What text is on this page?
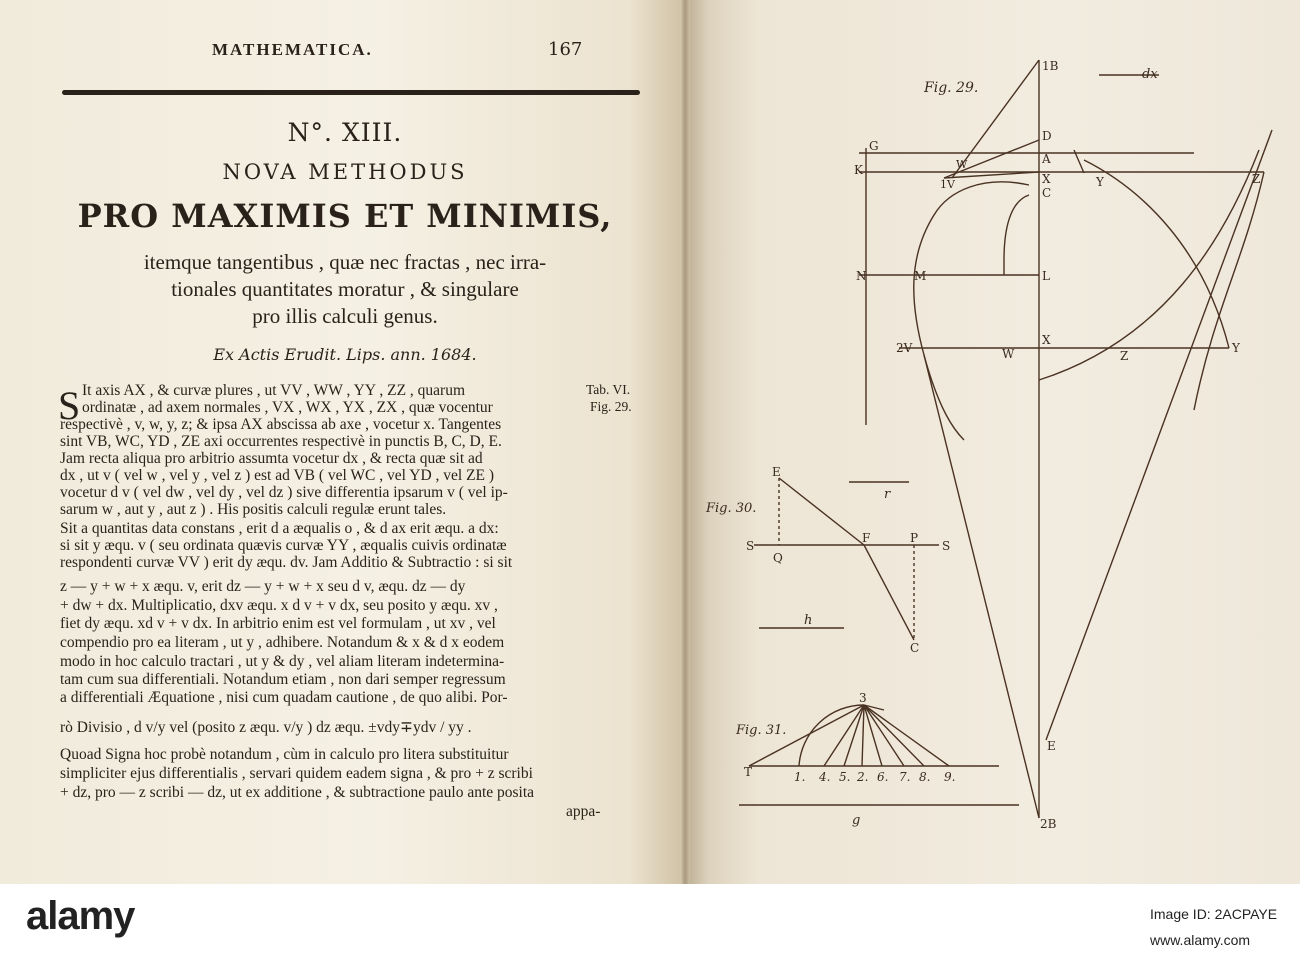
MATHEMATICA.	167
N°. XIII.
NOVA METHODUS
PRO MAXIMIS ET MINIMIS,
itemque tangentibus , quæ nec fractas , nec irra-
tionales quantitates moratur , & singulare
pro illis calculi genus.
Ex Actis Erudit. Lips. ann. 1684.
S	Tab. VI.
Fig. 29.
It axis AX , & curvæ plures , ut VV , WW , YY , ZZ , quarum
ordinatæ , ad axem normales , VX , WX , YX , ZX , quæ vocentur
respectivè , v, w, y, z; & ipsa AX abscissa ab axe , vocetur x. Tangentes
sint VB, WC, YD , ZE axi occurrentes respectivè in punctis B, C, D, E.
Jam recta aliqua pro arbitrio assumta vocetur dx , & recta quæ sit ad
dx , ut v ( vel w , vel y , vel z ) est ad VB ( vel WC , vel YD , vel ZE )
vocetur d v ( vel dw , vel dy , vel dz ) sive differentia ipsarum v ( vel ip-
sarum w , aut y , aut z ) . His positis calculi regulæ erunt tales.
Sit a quantitas data constans , erit d a æqualis o , & d ax erit æqu. a dx:
si sit y æqu. v ( seu ordinata quævis curvæ YY , æqualis cuivis ordinatæ
respondenti curvæ VV ) erit dy æqu. dv. Jam Additio & Subtractio : si sit
z — y + w + x æqu. v, erit dz — y + w + x seu d v, æqu. dz — dy
+ dw + dx. Multiplicatio, dxv æqu. x d v + v dx, seu posito y æqu. xv ,
fiet dy æqu. xd v + v dx. In arbitrio enim est vel formulam , ut xv , vel
compendio pro ea literam , ut y , adhibere. Notandum & x & d x eodem
modo in hoc calculo tractari , ut y & dy , vel aliam literam indetermina-
tam cum sua differentiali. Notandum etiam , non dari semper regressum
a differentiali Æquatione , nisi cum quadam cautione , de quo alibi. Por-
rò Divisio , d v/y vel (posito z æqu. v/y ) dz æqu. ±vdy∓ydv / yy .
Quoad Signa hoc probè notandum , cùm in calculo pro litera substituitur
simpliciter ejus differentialis , servari quidem eadem signa , & pro + z scribi
+ dz, pro — z scribi — dz, ut ex additione , & subtractione paulo ante posita
appa-
Fig. 29.
dx
1B
D
G
K
A
X
C
Y	Z
N	M	L
2V	W
X
Z
Y
E
2B
W
1V
Fig. 30.
r
h
E
S
Q
F	P
S
C
Fig. 31.
T
3
1. 4. 5. 2. 6. 7. 8. 9.
g
alamy	Image ID: 2ACPAYE
www.alamy.com
